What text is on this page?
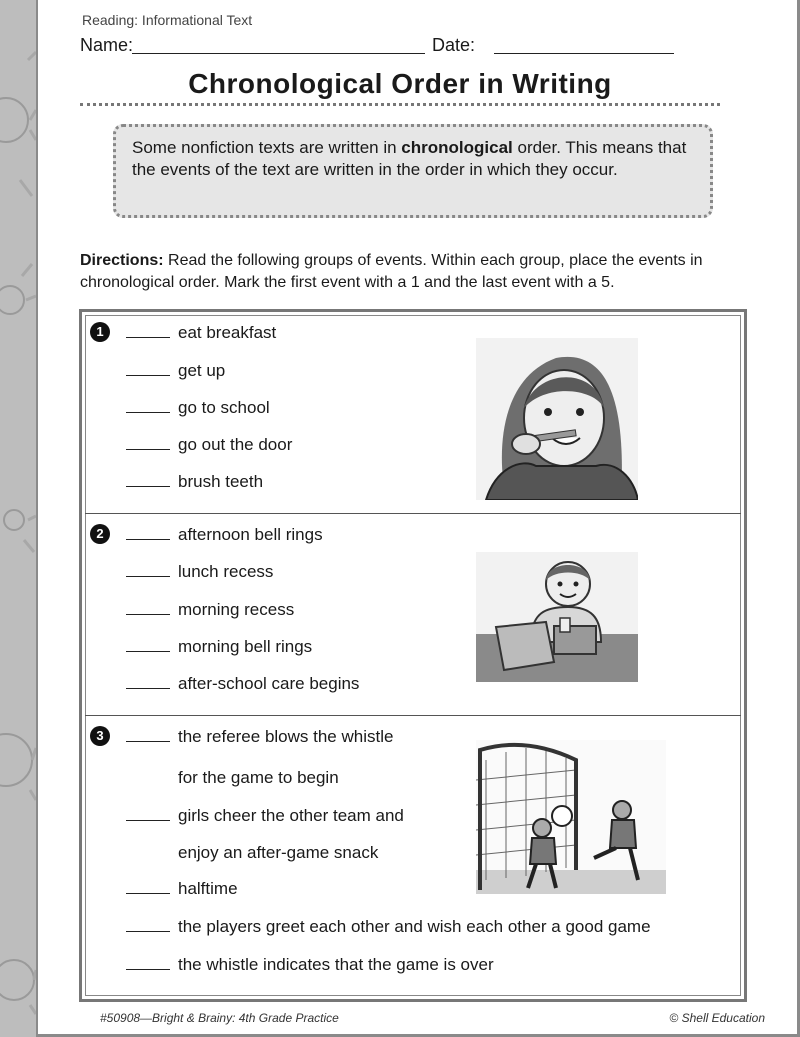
Reading: Informational Text
Name:	Date:
Chronological Order in Writing
Some nonfiction texts are written in chronological order. This means that the events of the text are written in the order in which they occur.
Directions: Read the following groups of events. Within each group, place the events in chronological order. Mark the first event with a 1 and the last event with a 5.
1	eat breakfast
get up
go to school
go out the door
brush teeth
2	afternoon bell rings
lunch recess
morning recess
morning bell rings
after-school care begins
3	the referee blows the whistle
for the game to begin
girls cheer the other team and
enjoy an after-game snack
halftime
the players greet each other and wish each other a good game
the whistle indicates that the game is over
#50908—Bright & Brainy: 4th Grade Practice	© Shell Education
